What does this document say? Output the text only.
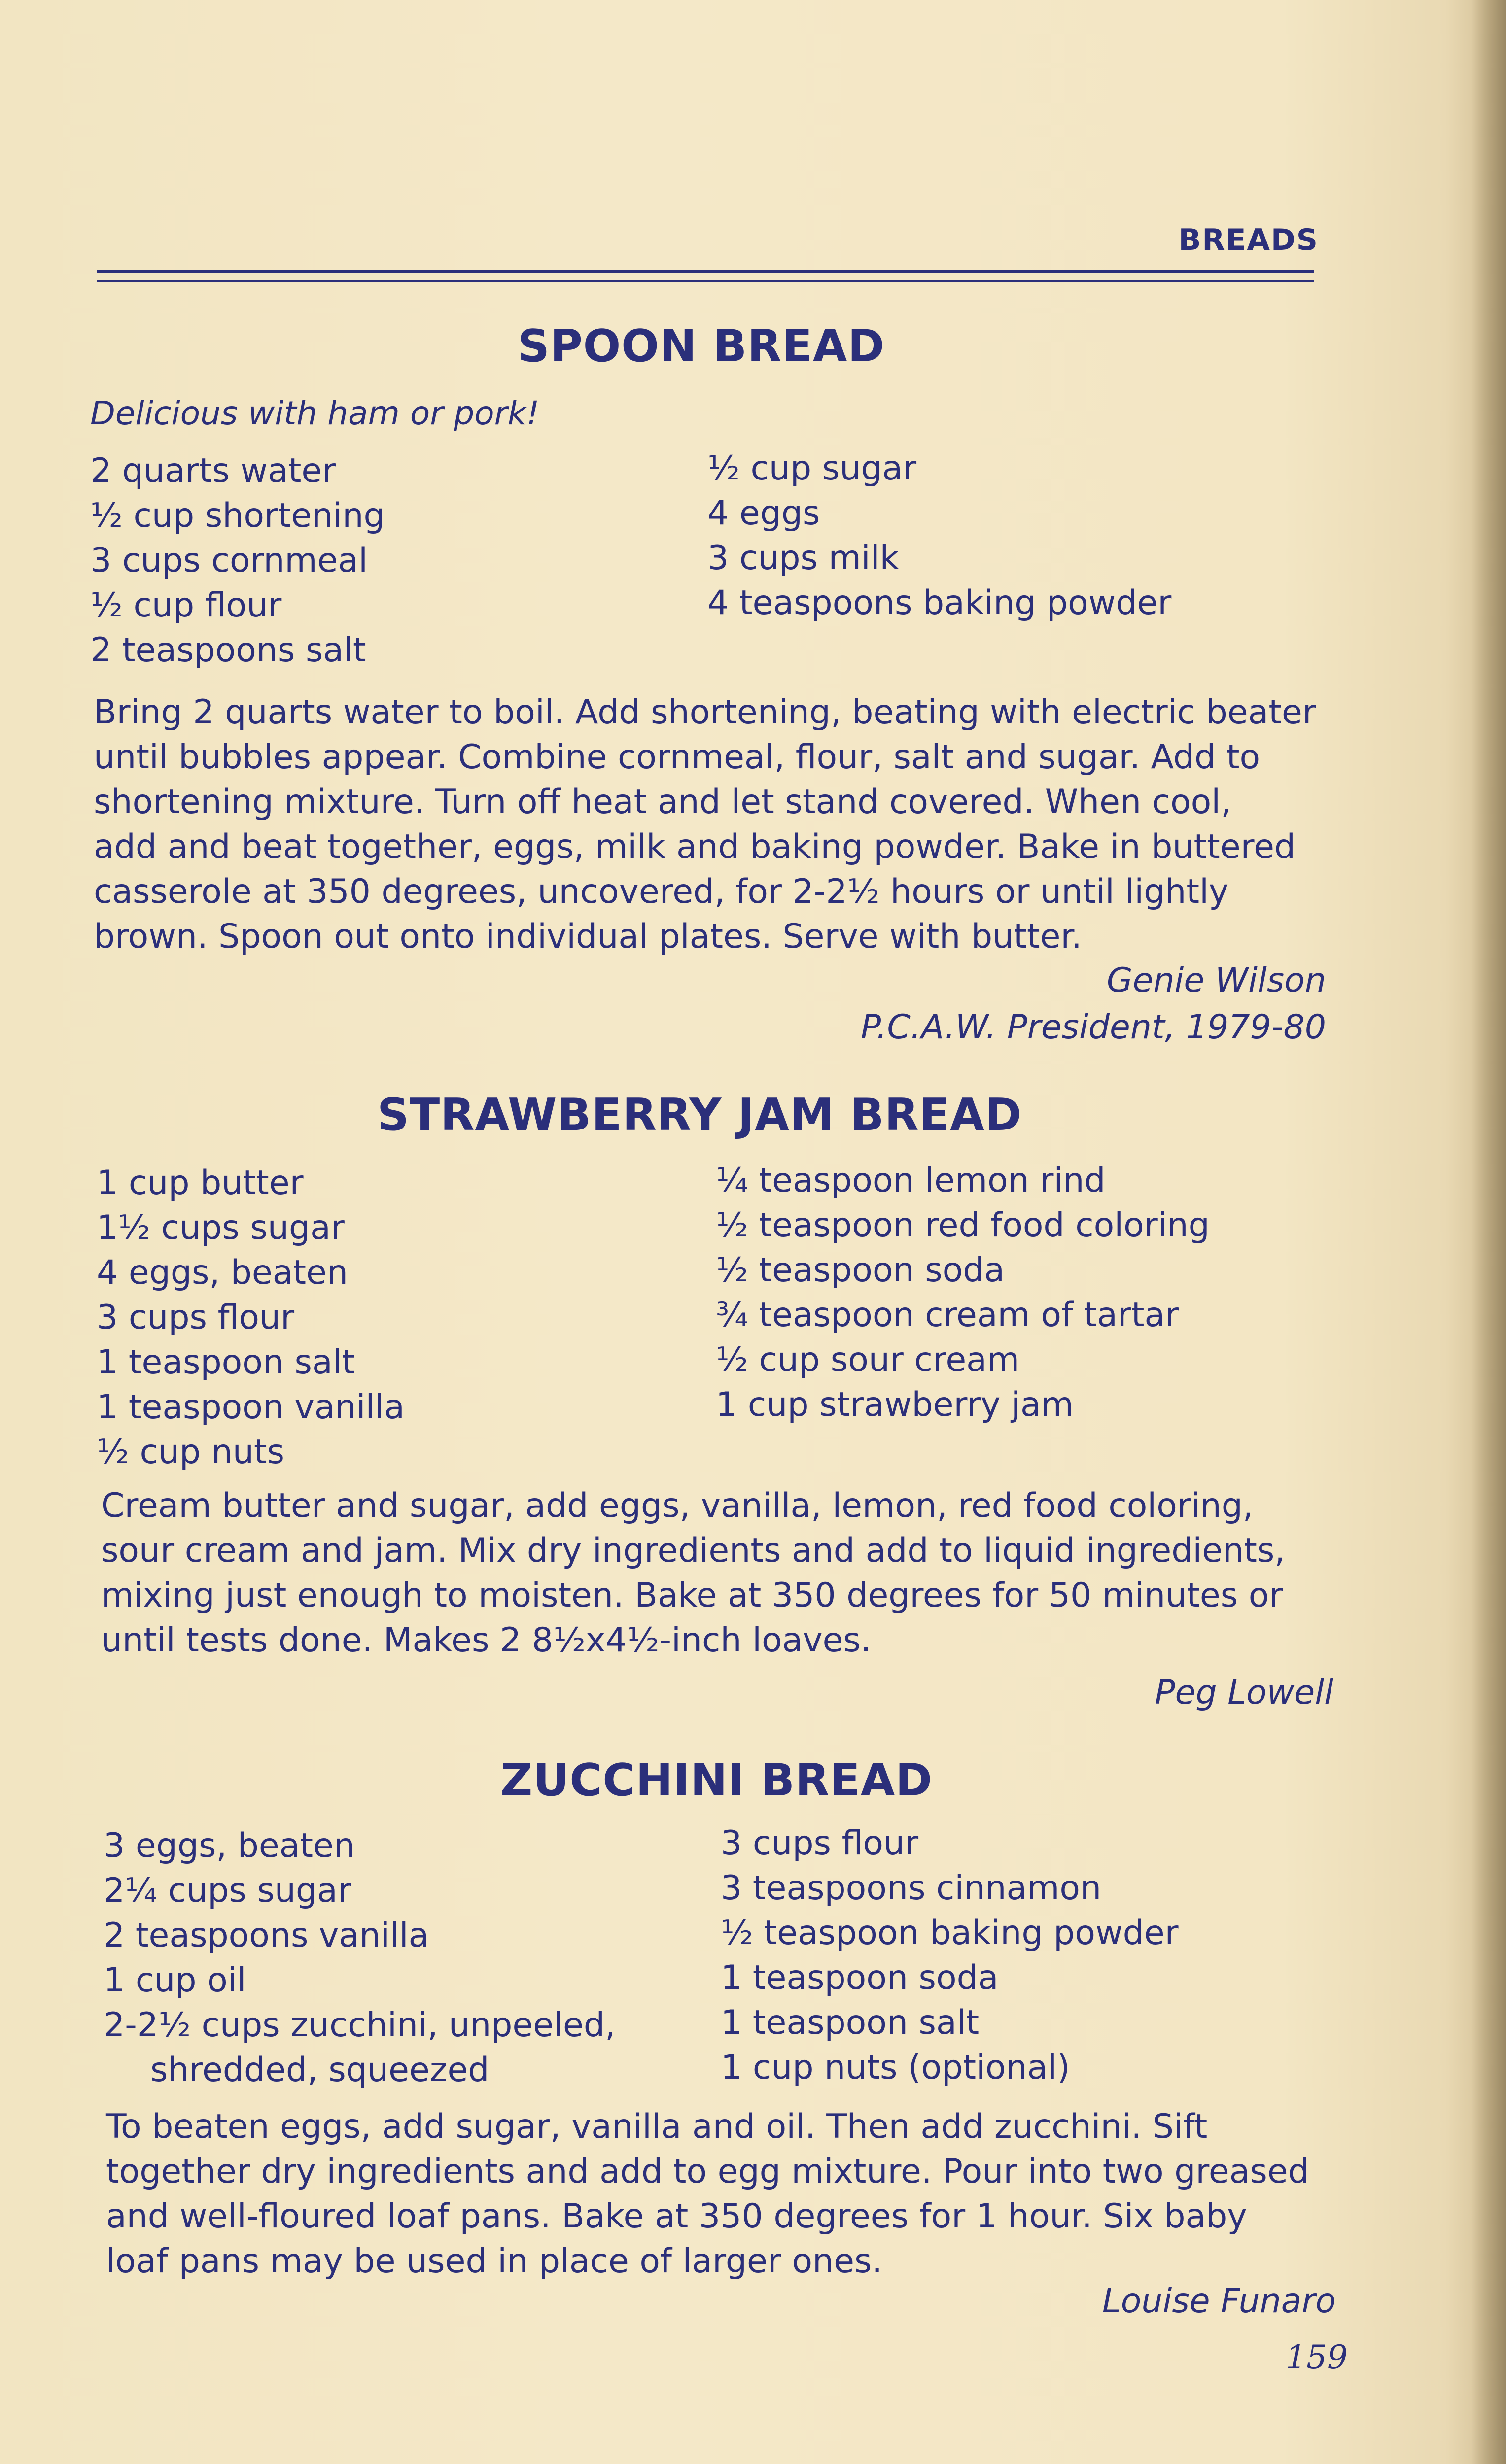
BREADS
SPOON BREAD
Delicious with ham or pork!
2 quarts water
½ cup shortening
3 cups cornmeal
½ cup flour
2 teaspoons salt
½ cup sugar
4 eggs
3 cups milk
4 teaspoons baking powder
Bring 2 quarts water to boil. Add shortening, beating with electric beater
until bubbles appear. Combine cornmeal, flour, salt and sugar. Add to
shortening mixture. Turn off heat and let stand covered. When cool,
add and beat together, eggs, milk and baking powder. Bake in buttered
casserole at 350 degrees, uncovered, for 2-2½ hours or until lightly
brown. Spoon out onto individual plates. Serve with butter.
Genie Wilson
P.C.A.W. President, 1979-80
STRAWBERRY JAM BREAD
1 cup butter
1½ cups sugar
4 eggs, beaten
3 cups flour
1 teaspoon salt
1 teaspoon vanilla
½ cup nuts
¼ teaspoon lemon rind
½ teaspoon red food coloring
½ teaspoon soda
¾ teaspoon cream of tartar
½ cup sour cream
1 cup strawberry jam
Cream butter and sugar, add eggs, vanilla, lemon, red food coloring,
sour cream and jam. Mix dry ingredients and add to liquid ingredients,
mixing just enough to moisten. Bake at 350 degrees for 50 minutes or
until tests done. Makes 2 8½x4½-inch loaves.
Peg Lowell
ZUCCHINI BREAD
3 eggs, beaten
2¼ cups sugar
2 teaspoons vanilla
1 cup oil
2-2½ cups zucchini, unpeeled,
shredded, squeezed
3 cups flour
3 teaspoons cinnamon
½ teaspoon baking powder
1 teaspoon soda
1 teaspoon salt
1 cup nuts (optional)
To beaten eggs, add sugar, vanilla and oil. Then add zucchini. Sift
together dry ingredients and add to egg mixture. Pour into two greased
and well-floured loaf pans. Bake at 350 degrees for 1 hour. Six baby
loaf pans may be used in place of larger ones.
Louise Funaro
159
